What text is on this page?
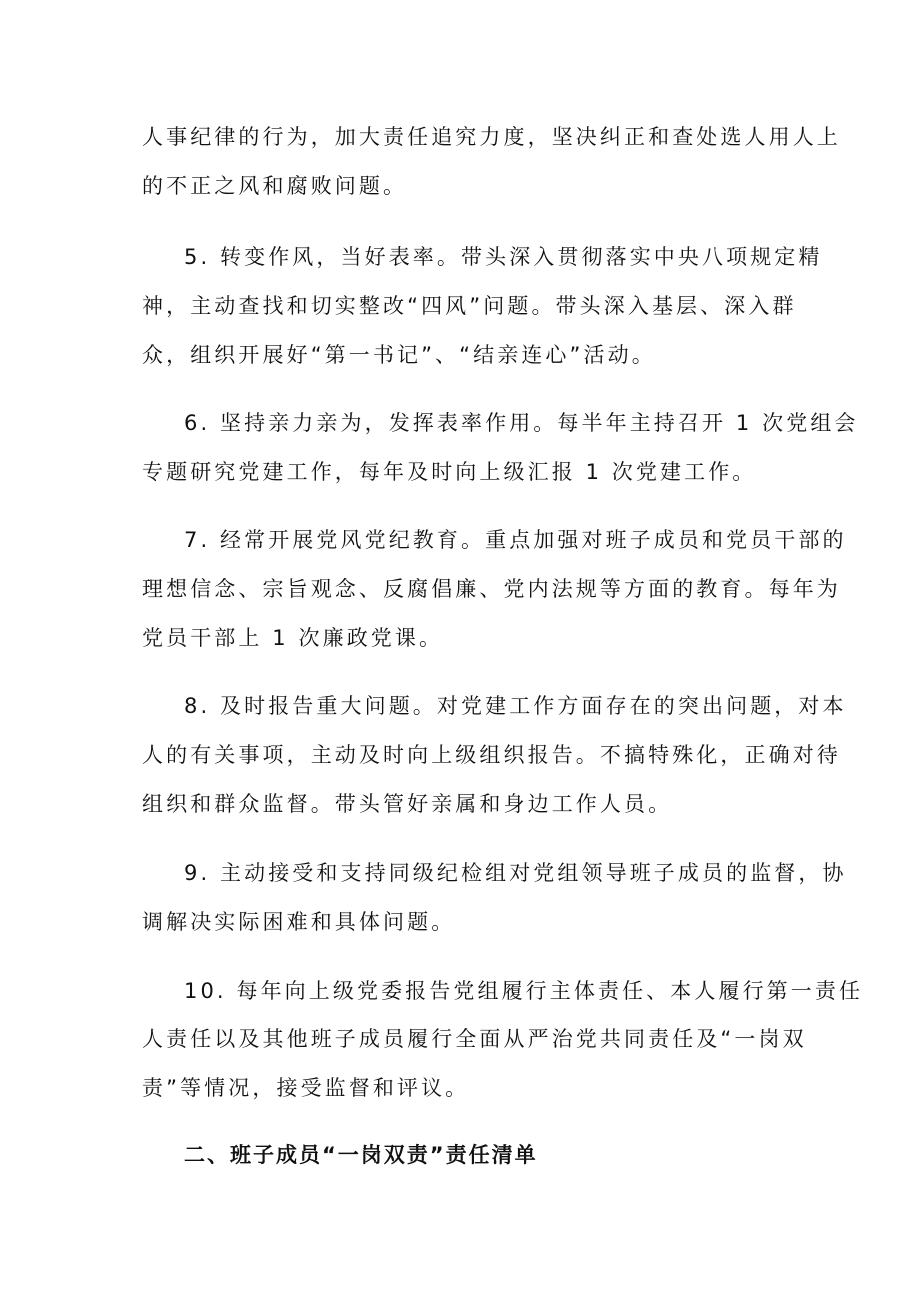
人事纪律的行为，加大责任追究力度，坚决纠正和查处选人用人上
的不正之风和腐败问题。
5. 转变作风，当好表率。带头深入贯彻落实中央八项规定精
神，主动查找和切实整改“四风”问题。带头深入基层、深入群
众，组织开展好“第一书记”、“结亲连心”活动。
6. 坚持亲力亲为，发挥表率作用。每半年主持召开 1 次党组会
专题研究党建工作，每年及时向上级汇报 1 次党建工作。
7. 经常开展党风党纪教育。重点加强对班子成员和党员干部的
理想信念、宗旨观念、反腐倡廉、党内法规等方面的教育。每年为
党员干部上 1 次廉政党课。
8. 及时报告重大问题。对党建工作方面存在的突出问题，对本
人的有关事项，主动及时向上级组织报告。不搞特殊化，正确对待
组织和群众监督。带头管好亲属和身边工作人员。
9. 主动接受和支持同级纪检组对党组领导班子成员的监督，协
调解决实际困难和具体问题。
10. 每年向上级党委报告党组履行主体责任、本人履行第一责任
人责任以及其他班子成员履行全面从严治党共同责任及“一岗双
责”等情况，接受监督和评议。
二、班子成员“一岗双责”责任清单
